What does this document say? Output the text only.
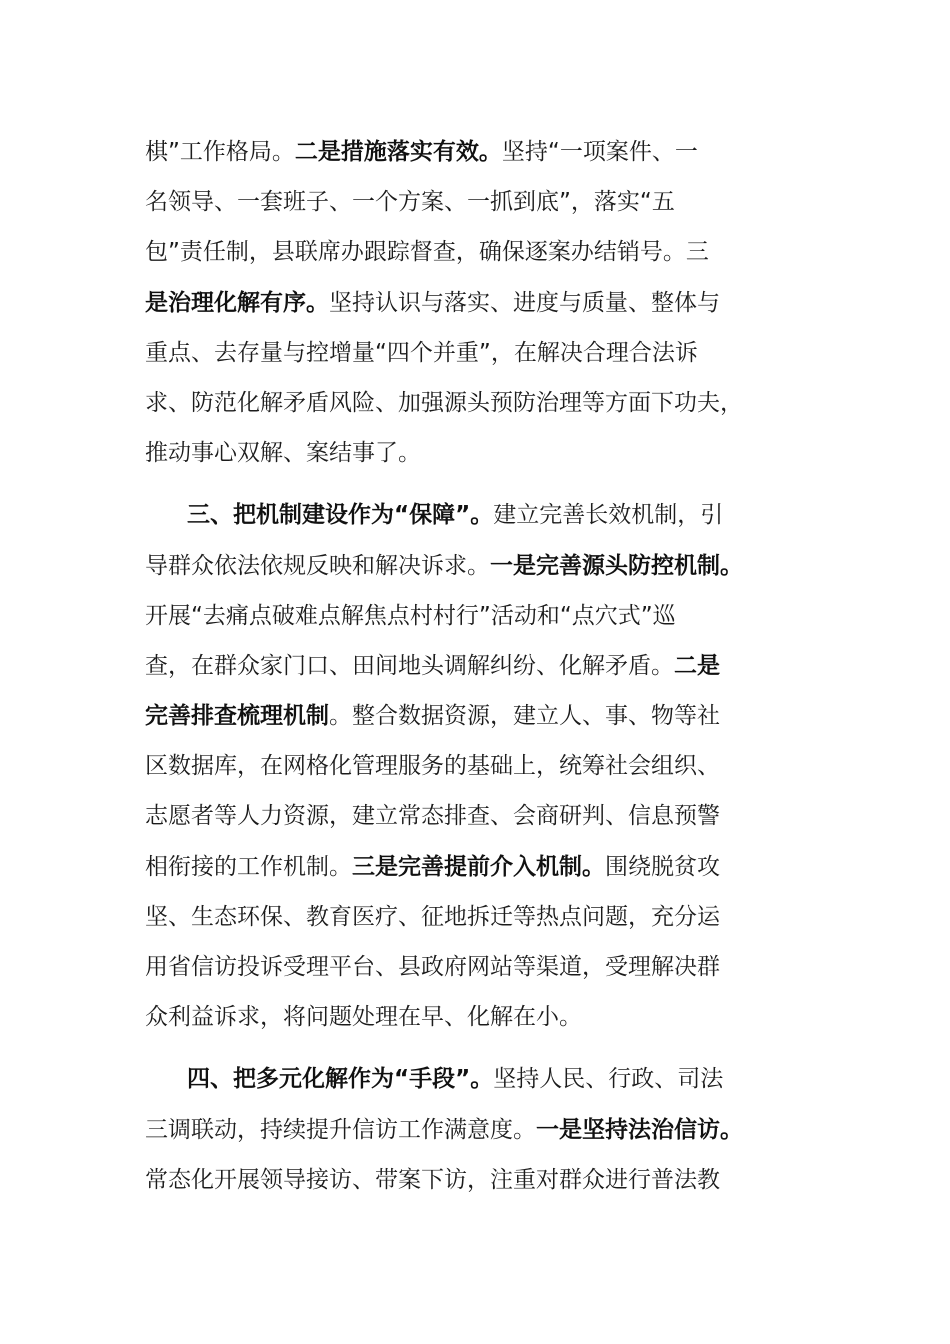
棋”工作格局。二是措施落实有效。坚持“一项案件、一
名领导、一套班子、一个方案、一抓到底”，落实“五
包”责任制，县联席办跟踪督查，确保逐案办结销号。三
是治理化解有序。坚持认识与落实、进度与质量、整体与
重点、去存量与控增量“四个并重”，在解决合理合法诉
求、防范化解矛盾风险、加强源头预防治理等方面下功夫，
推动事心双解、案结事了。
三、把机制建设作为“保障”。建立完善长效机制，引
导群众依法依规反映和解决诉求。一是完善源头防控机制。
开展“去痛点破难点解焦点村村行”活动和“点穴式”巡
查，在群众家门口、田间地头调解纠纷、化解矛盾。二是
完善排查梳理机制。整合数据资源，建立人、事、物等社
区数据库，在网格化管理服务的基础上，统筹社会组织、
志愿者等人力资源，建立常态排查、会商研判、信息预警
相衔接的工作机制。三是完善提前介入机制。围绕脱贫攻
坚、生态环保、教育医疗、征地拆迁等热点问题，充分运
用省信访投诉受理平台、县政府网站等渠道，受理解决群
众利益诉求，将问题处理在早、化解在小。
四、把多元化解作为“手段”。坚持人民、行政、司法
三调联动，持续提升信访工作满意度。一是坚持法治信访。
常态化开展领导接访、带案下访，注重对群众进行普法教
